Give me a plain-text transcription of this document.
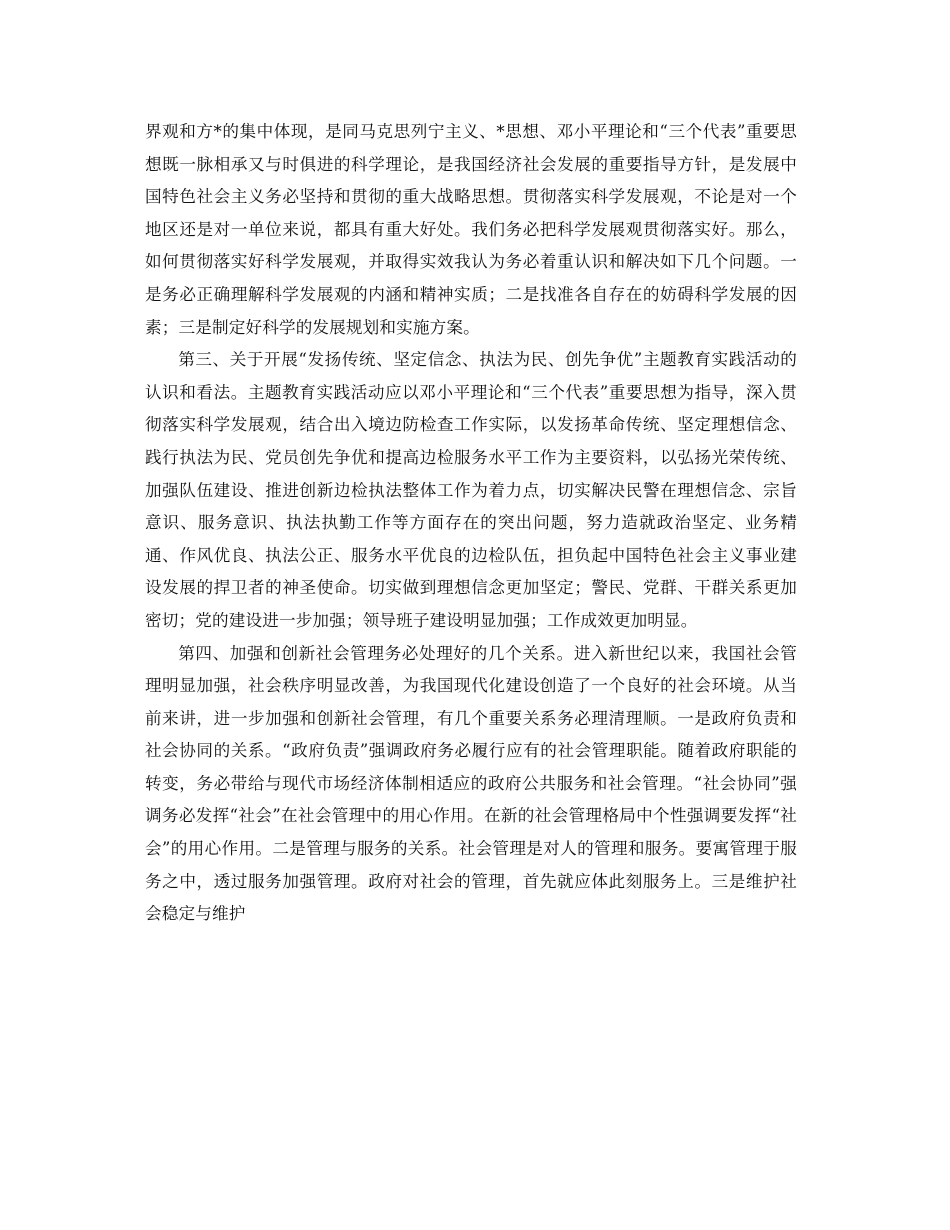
界观和方*的集中体现，是同马克思列宁主义、*思想、邓小平理论和“三个代表”重要思想既一脉相承又与时俱进的科学理论，是我国经济社会发展的重要指导方针，是发展中国特色社会主义务必坚持和贯彻的重大战略思想。贯彻落实科学发展观，不论是对一个地区还是对一单位来说，都具有重大好处。我们务必把科学发展观贯彻落实好。那么，如何贯彻落实好科学发展观，并取得实效我认为务必着重认识和解决如下几个问题。一是务必正确理解科学发展观的内涵和精神实质；二是找准各自存在的妨碍科学发展的因素；三是制定好科学的发展规划和实施方案。

第三、关于开展“发扬传统、坚定信念、执法为民、创先争优”主题教育实践活动的认识和看法。主题教育实践活动应以邓小平理论和“三个代表”重要思想为指导，深入贯彻落实科学发展观，结合出入境边防检查工作实际，以发扬革命传统、坚定理想信念、践行执法为民、党员创先争优和提高边检服务水平工作为主要资料，以弘扬光荣传统、加强队伍建设、推进创新边检执法整体工作为着力点，切实解决民警在理想信念、宗旨意识、服务意识、执法执勤工作等方面存在的突出问题，努力造就政治坚定、业务精通、作风优良、执法公正、服务水平优良的边检队伍，担负起中国特色社会主义事业建设发展的捍卫者的神圣使命。切实做到理想信念更加坚定；警民、党群、干群关系更加密切；党的建设进一步加强；领导班子建设明显加强；工作成效更加明显。

第四、加强和创新社会管理务必处理好的几个关系。进入新世纪以来，我国社会管理明显加强，社会秩序明显改善，为我国现代化建设创造了一个良好的社会环境。从当前来讲，进一步加强和创新社会管理，有几个重要关系务必理清理顺。一是政府负责和社会协同的关系。“政府负责”强调政府务必履行应有的社会管理职能。随着政府职能的转变，务必带给与现代市场经济体制相适应的政府公共服务和社会管理。“社会协同”强调务必发挥“社会”在社会管理中的用心作用。在新的社会管理格局中个性强调要发挥“社会”的用心作用。二是管理与服务的关系。社会管理是对人的管理和服务。要寓管理于服务之中，透过服务加强管理。政府对社会的管理，首先就应体此刻服务上。三是维护社会稳定与维护
